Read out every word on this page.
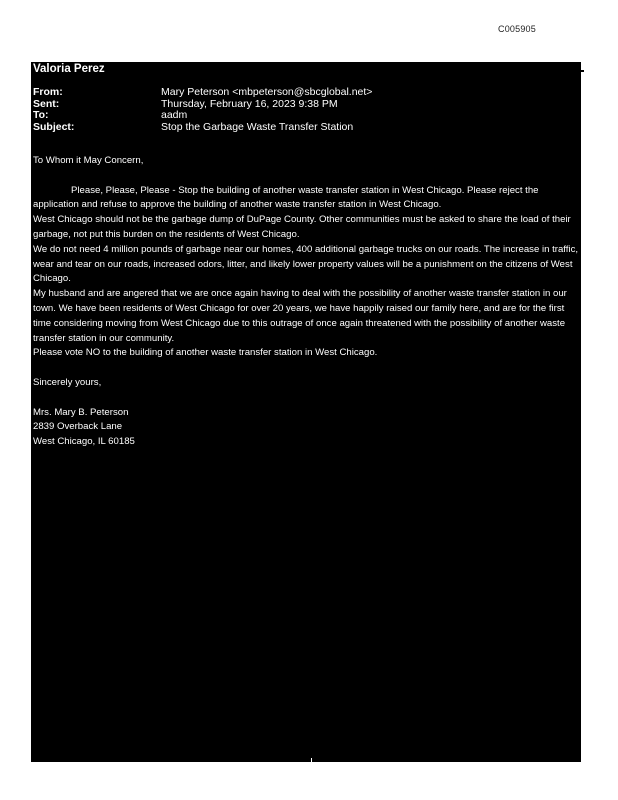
C005905
Valoria Perez
From:	Mary Peterson <mbpeterson@sbcglobal.net>
Sent:	Thursday, February 16, 2023 9:38 PM
To:	aadm
Subject:	Stop the Garbage Waste Transfer Station

To Whom it May Concern,

Please, Please, Please - Stop the building of another waste transfer station in West Chicago. Please reject the application and refuse to approve the building of another waste transfer station in West Chicago.

West Chicago should not be the garbage dump of DuPage County. Other communities must be asked to share the load of their garbage, not put this burden on the residents of West Chicago.

We do not need 4 million pounds of garbage near our homes, 400 additional garbage trucks on our roads. The increase in traffic, wear and tear on our roads, increased odors, litter, and likely lower property values will be a punishment on the citizens of West Chicago.

My husband and are angered that we are once again having to deal with the possibility of another waste transfer station in our town. We have been residents of West Chicago for over 20 years, we have happily raised our family here, and are for the first time considering moving from West Chicago due to this outrage of once again threatened with the possibility of another waste transfer station in our community.

Please vote NO to the building of another waste transfer station in West Chicago.

Sincerely yours,

Mrs. Mary B. Peterson

2839 Overback Lane

West Chicago, IL 60185
